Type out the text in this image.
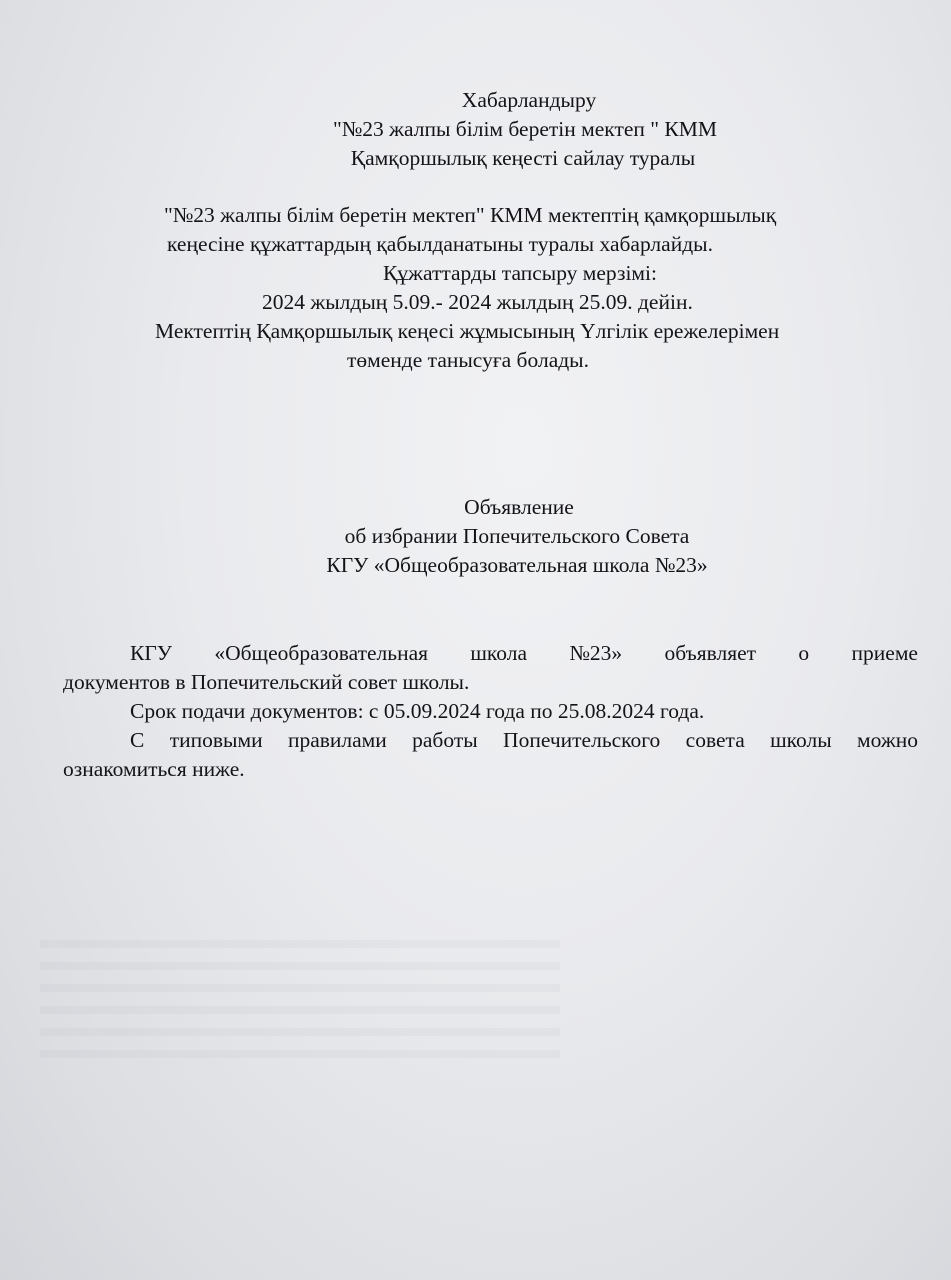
Хабарландыру
"№23 жалпы білім беретін мектеп " КММ
Қамқоршылық кеңесті сайлау туралы
"№23 жалпы білім беретін мектеп" КММ мектептің қамқоршылық
кеңесіне құжаттардың қабылданатыны туралы хабарлайды.
Құжаттарды тапсыру мерзімі:
2024 жылдың 5.09.- 2024 жылдың 25.09. дейін.
Мектептің Қамқоршылық кеңесі жұмысының Үлгілік ережелерімен
төменде танысуға болады.
Объявление
об избрании Попечительского Совета
КГУ «Общеобразовательная школа №23»
КГУ «Общеобразовательная школа №23» объявляет о приеме
документов в Попечительский совет школы.
Срок подачи документов: с 05.09.2024 года по 25.08.2024 года.
С типовыми правилами работы Попечительского совета школы можно
ознакомиться ниже.
